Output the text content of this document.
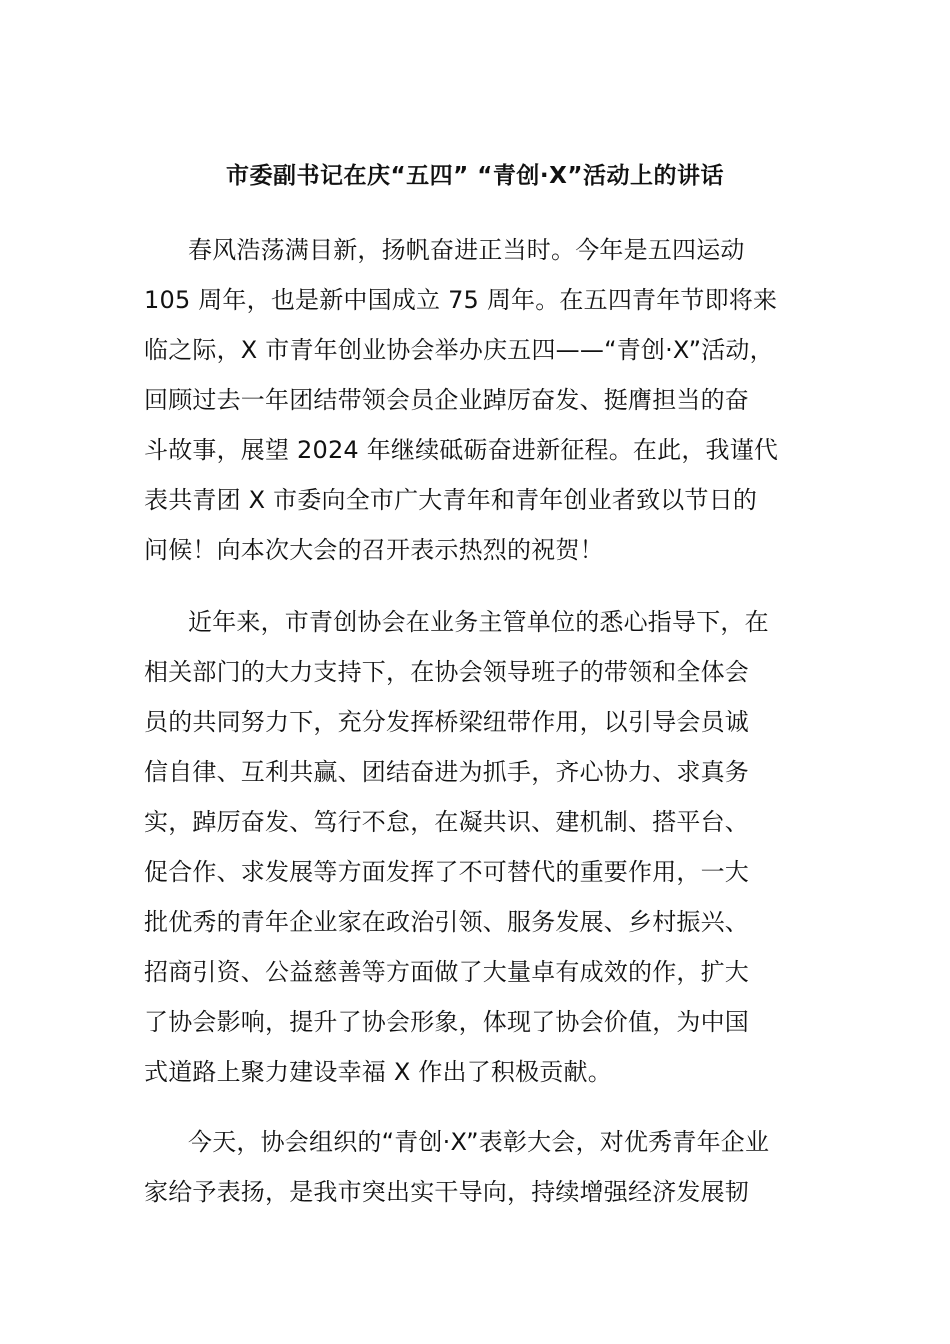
市委副书记在庆“五四” “青创·X”活动上的讲话
春风浩荡满目新，扬帆奋进正当时。今年是五四运动
105 周年，也是新中国成立 75 周年。在五四青年节即将来
临之际，X 市青年创业协会举办庆五四——“青创·X”活动，
回顾过去一年团结带领会员企业踔厉奋发、挺膺担当的奋
斗故事，展望 2024 年继续砥砺奋进新征程。在此，我谨代
表共青团 X 市委向全市广大青年和青年创业者致以节日的
问候！向本次大会的召开表示热烈的祝贺！
近年来，市青创协会在业务主管单位的悉心指导下，在
相关部门的大力支持下，在协会领导班子的带领和全体会
员的共同努力下，充分发挥桥梁纽带作用，以引导会员诚
信自律、互利共赢、团结奋进为抓手，齐心协力、求真务
实，踔厉奋发、笃行不怠，在凝共识、建机制、搭平台、
促合作、求发展等方面发挥了不可替代的重要作用，一大
批优秀的青年企业家在政治引领、服务发展、乡村振兴、
招商引资、公益慈善等方面做了大量卓有成效的作，扩大
了协会影响，提升了协会形象，体现了协会价值，为中国
式道路上聚力建设幸福 X 作出了积极贡献。
今天，协会组织的“青创·X”表彰大会，对优秀青年企业
家给予表扬，是我市突出实干导向，持续增强经济发展韧
